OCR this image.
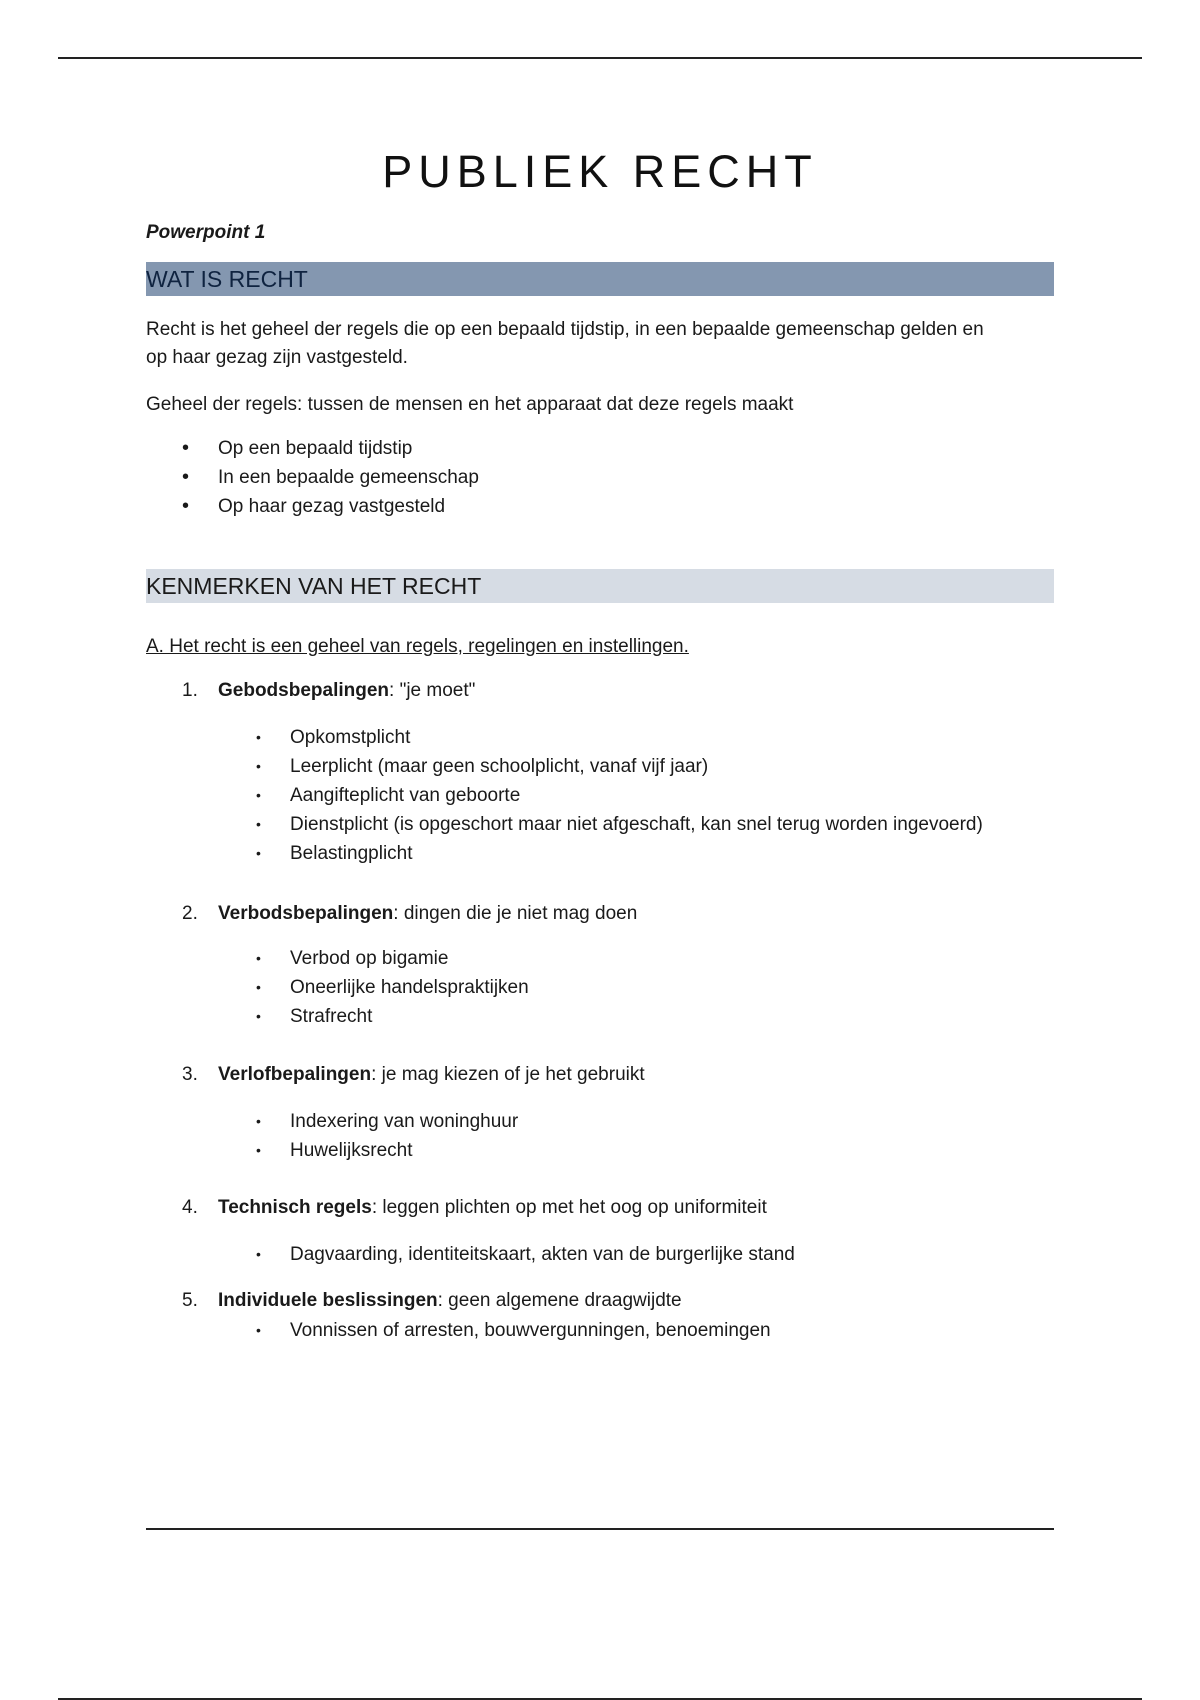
PUBLIEK RECHT
Powerpoint 1
WAT IS RECHT
Recht is het geheel der regels die op een bepaald tijdstip, in een bepaalde gemeenschap gelden en
op haar gezag zijn vastgesteld.
Geheel der regels: tussen de mensen en het apparaat dat deze regels maakt
• Op een bepaald tijdstip
• In een bepaalde gemeenschap
• Op haar gezag vastgesteld
KENMERKEN VAN HET RECHT
A. Het recht is een geheel van regels, regelingen en instellingen.
1.	Gebodsbepalingen: "je moet"
• Opkomstplicht
• Leerplicht (maar geen schoolplicht, vanaf vijf jaar)
• Aangifteplicht van geboorte
• Dienstplicht (is opgeschort maar niet afgeschaft, kan snel terug worden ingevoerd)
• Belastingplicht
2.	Verbodsbepalingen: dingen die je niet mag doen
• Verbod op bigamie
• Oneerlijke handelspraktijken
• Strafrecht
3.	Verlofbepalingen: je mag kiezen of je het gebruikt
• Indexering van woninghuur
• Huwelijksrecht
4.	Technisch regels: leggen plichten op met het oog op uniformiteit
• Dagvaarding, identiteitskaart, akten van de burgerlijke stand
5.	Individuele beslissingen: geen algemene draagwijdte
• Vonnissen of arresten, bouwvergunningen, benoemingen
